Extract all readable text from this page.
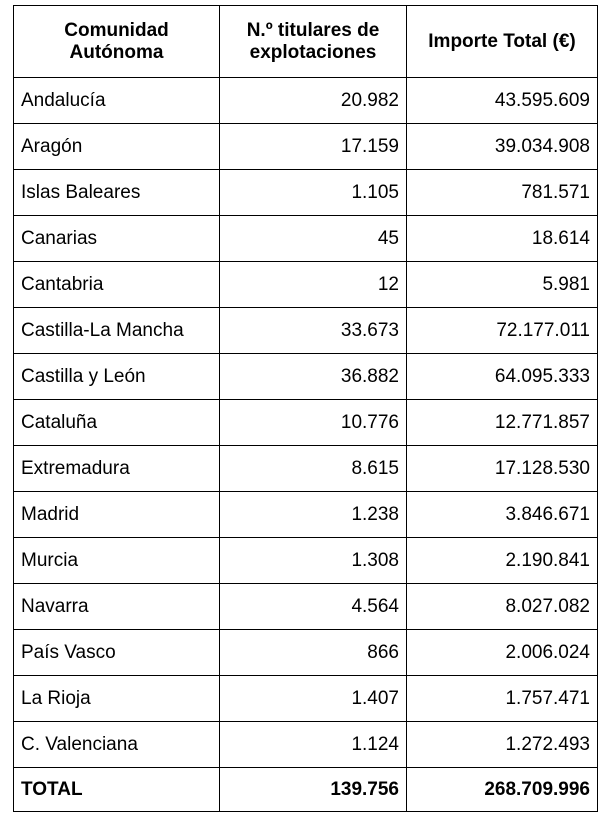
Comunidad Autónoma	N.º titulares de explotaciones	Importe Total (€)
Andalucía	20.982	43.595.609
Aragón	17.159	39.034.908
Islas Baleares	1.105	781.571
Canarias	45	18.614
Cantabria	12	5.981
Castilla-La Mancha	33.673	72.177.011
Castilla y León	36.882	64.095.333
Cataluña	10.776	12.771.857
Extremadura	8.615	17.128.530
Madrid	1.238	3.846.671
Murcia	1.308	2.190.841
Navarra	4.564	8.027.082
País Vasco	866	2.006.024
La Rioja	1.407	1.757.471
C. Valenciana	1.124	1.272.493
TOTAL	139.756	268.709.996
